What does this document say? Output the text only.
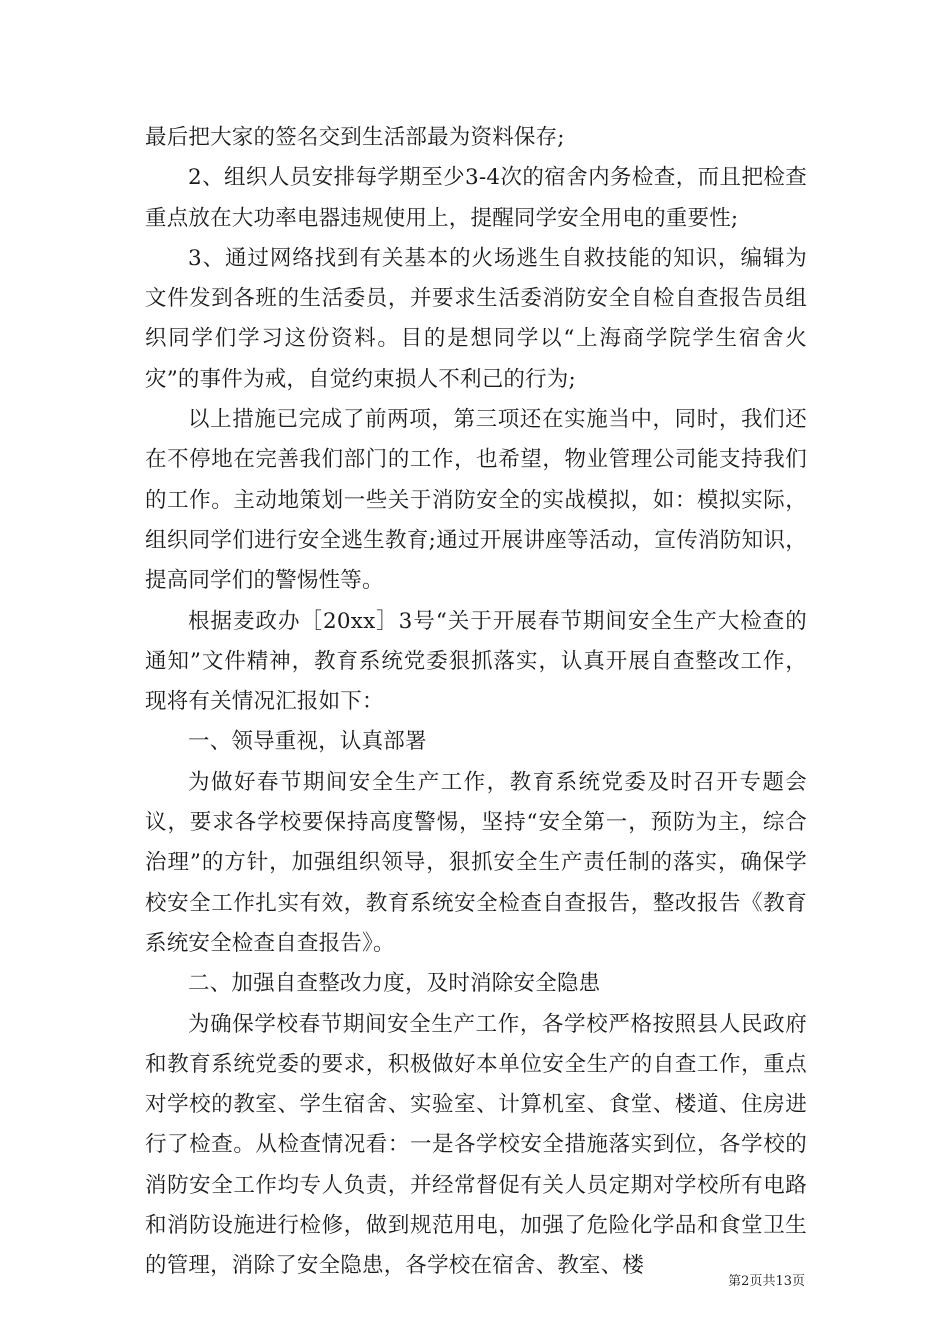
最后把大家的签名交到生活部最为资料保存;

2、组织人员安排每学期至少3-4次的宿舍内务检查，而且把检查重点放在大功率电器违规使用上，提醒同学安全用电的重要性;

3、通过网络找到有关基本的火场逃生自救技能的知识，编辑为文件发到各班的生活委员，并要求生活委消防安全自检自查报告员组织同学们学习这份资料。目的是想同学以“上海商学院学生宿舍火灾”的事件为戒，自觉约束损人不利己的行为;

以上措施已完成了前两项，第三项还在实施当中，同时，我们还在不停地在完善我们部门的工作，也希望，物业管理公司能支持我们的工作。主动地策划一些关于消防安全的实战模拟，如：模拟实际，组织同学们进行安全逃生教育;通过开展讲座等活动，宣传消防知识，提高同学们的警惕性等。

根据麦政办［20xx］3号“关于开展春节期间安全生产大检查的通知”文件精神，教育系统党委狠抓落实，认真开展自查整改工作，现将有关情况汇报如下：

一、领导重视，认真部署

为做好春节期间安全生产工作，教育系统党委及时召开专题会议，要求各学校要保持高度警惕，坚持“安全第一，预防为主，综合治理”的方针，加强组织领导，狠抓安全生产责任制的落实，确保学校安全工作扎实有效，教育系统安全检查自查报告，整改报告《教育系统安全检查自查报告》。

二、加强自查整改力度，及时消除安全隐患

为确保学校春节期间安全生产工作，各学校严格按照县人民政府和教育系统党委的要求，积极做好本单位安全生产的自查工作，重点对学校的教室、学生宿舍、实验室、计算机室、食堂、楼道、住房进行了检查。从检查情况看：一是各学校安全措施落实到位，各学校的消防安全工作均专人负责，并经常督促有关人员定期对学校所有电路和消防设施进行检修，做到规范用电，加强了危险化学品和食堂卫生的管理，消除了安全隐患，各学校在宿舍、教室、楼

第2页共13页
